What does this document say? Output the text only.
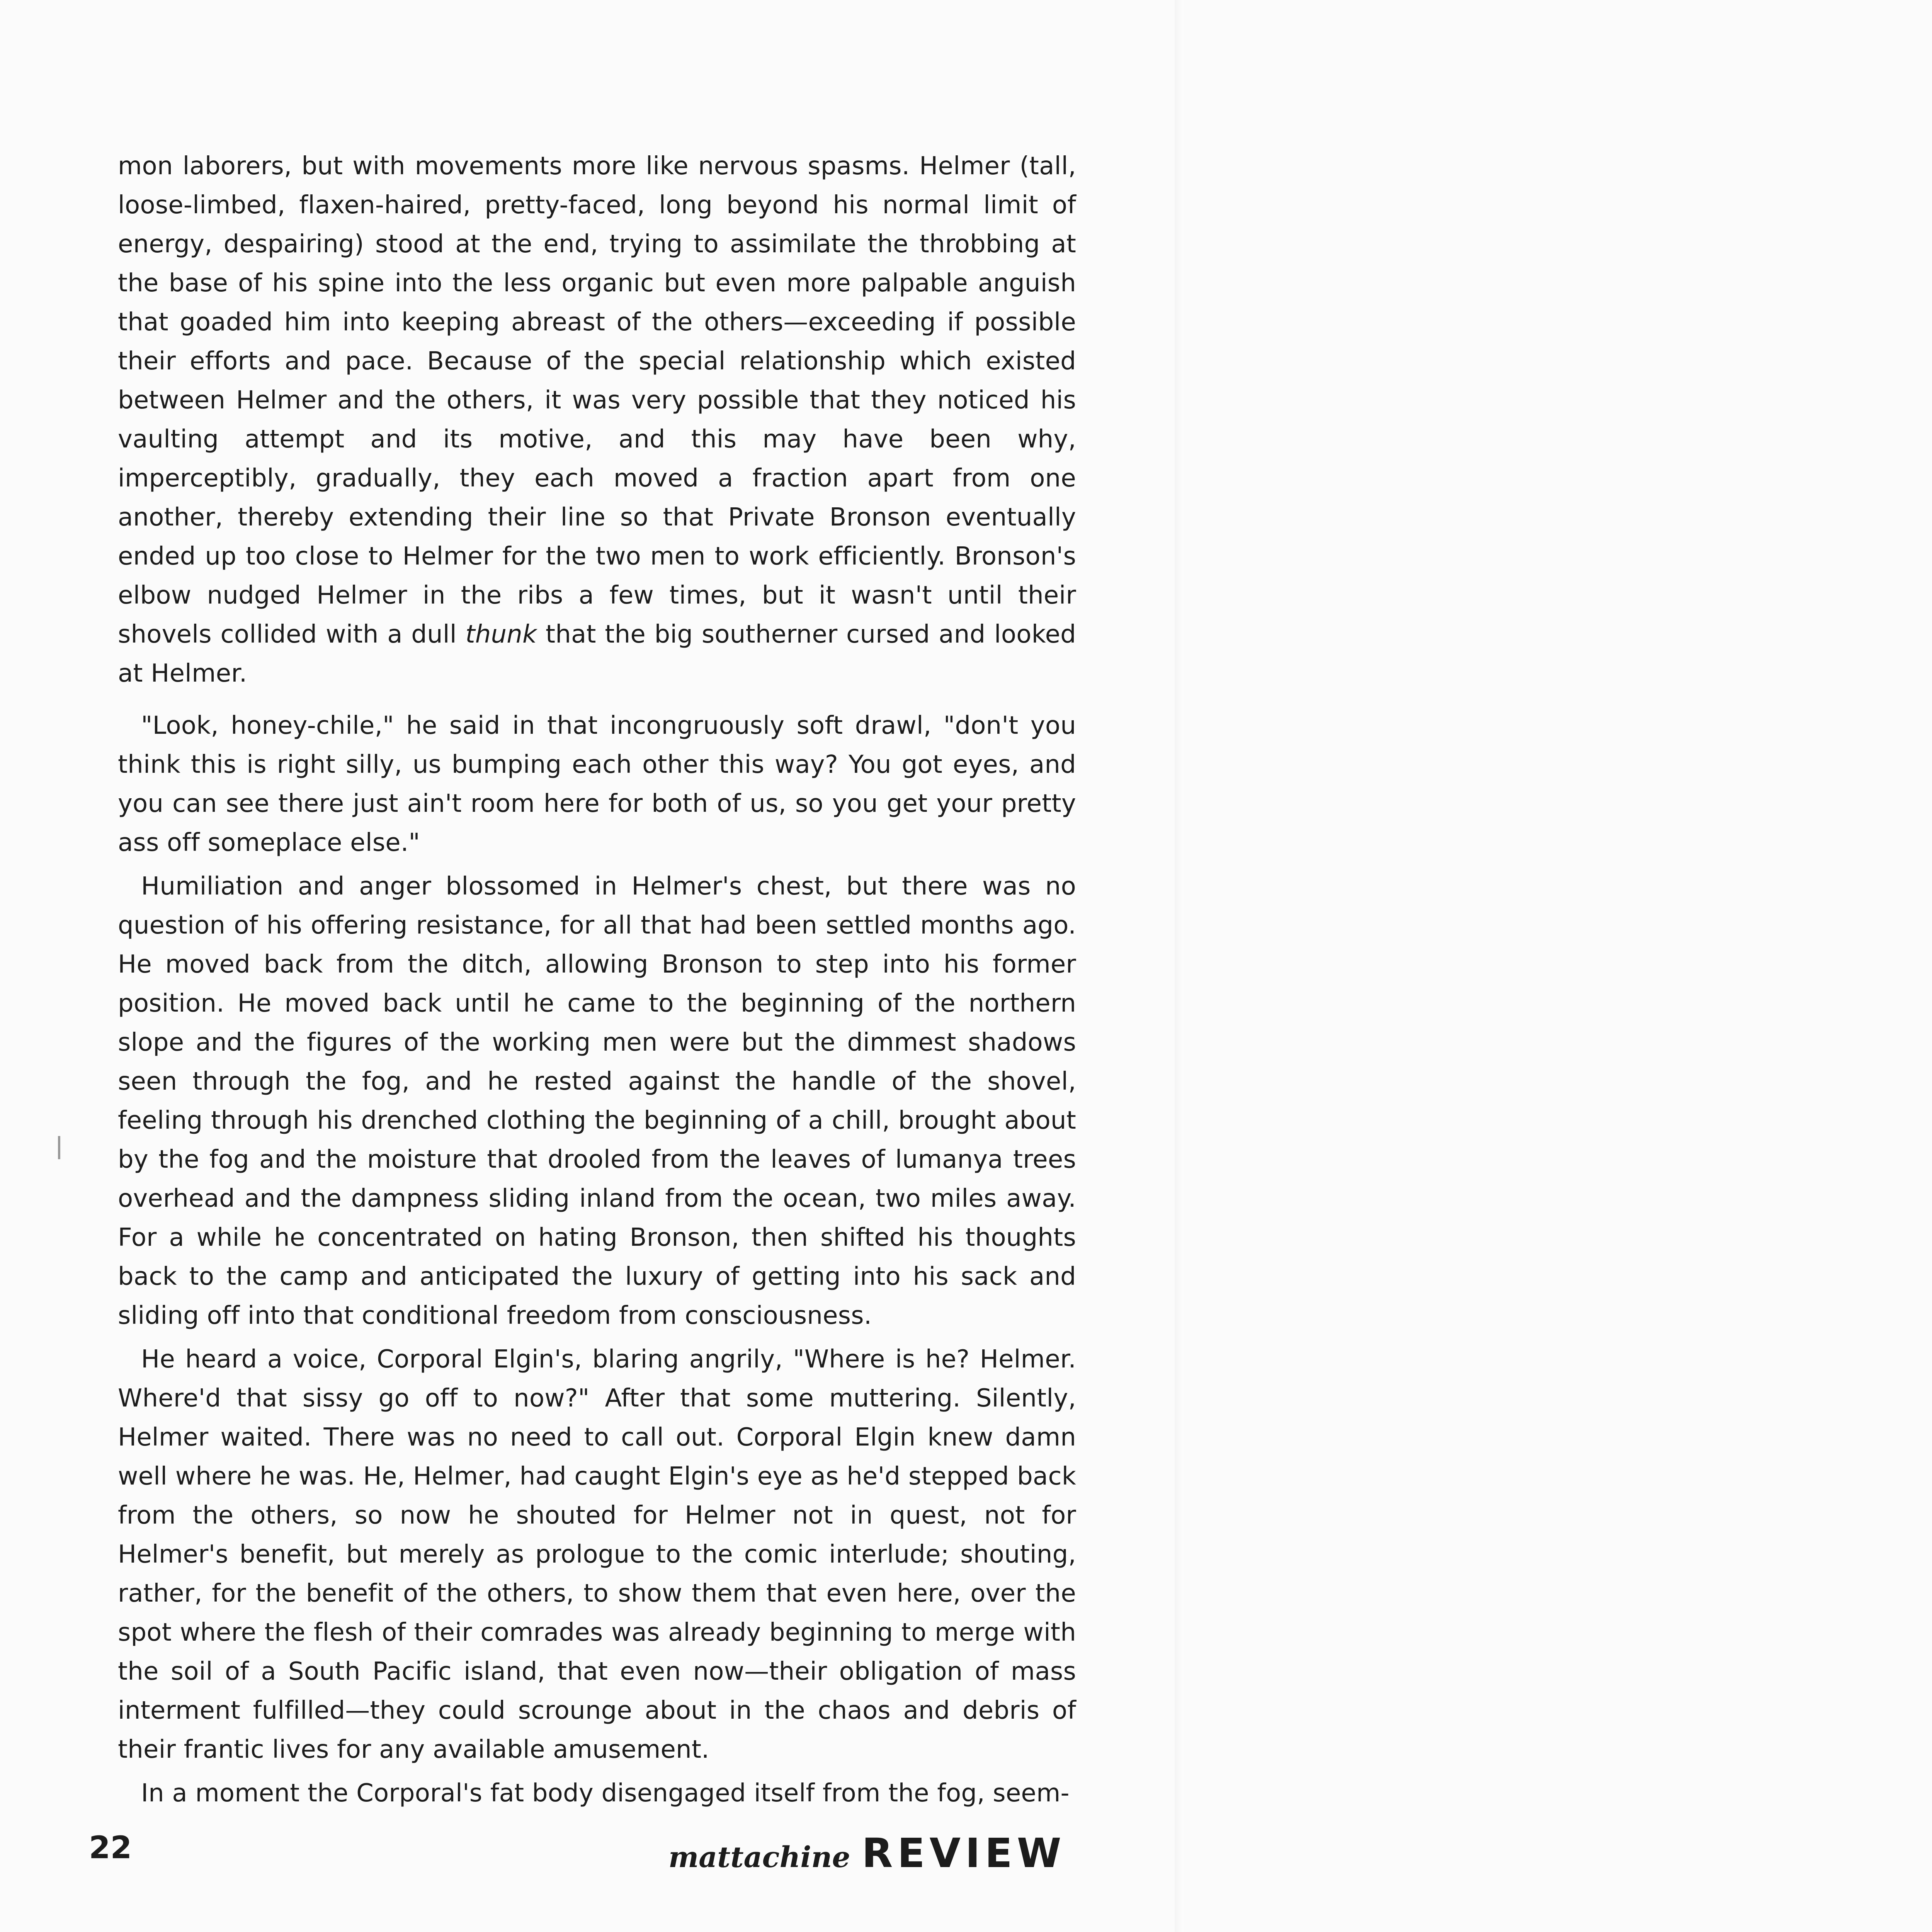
mon laborers, but with movements more like nervous spasms. Helmer (tall, loose-limbed, flaxen-haired, pretty-faced, long beyond his normal limit of energy, despairing) stood at the end, trying to assimilate the throbbing at the base of his spine into the less organic but even more palpable anguish that goaded him into keeping abreast of the others—exceeding if possible their efforts and pace. Because of the special relationship which existed between Helmer and the others, it was very possible that they noticed his vaulting attempt and its motive, and this may have been why, imperceptibly, gradually, they each moved a fraction apart from one another, thereby extending their line so that Private Bronson eventually ended up too close to Helmer for the two men to work efficiently. Bronson's elbow nudged Helmer in the ribs a few times, but it wasn't until their shovels collided with a dull thunk that the big southerner cursed and looked at Helmer.

"Look, honey-chile," he said in that incongruously soft drawl, "don't you think this is right silly, us bumping each other this way? You got eyes, and you can see there just ain't room here for both of us, so you get your pretty ass off someplace else."

Humiliation and anger blossomed in Helmer's chest, but there was no question of his offering resistance, for all that had been settled months ago. He moved back from the ditch, allowing Bronson to step into his former position. He moved back until he came to the beginning of the northern slope and the figures of the working men were but the dimmest shadows seen through the fog, and he rested against the handle of the shovel, feeling through his drenched clothing the beginning of a chill, brought about by the fog and the moisture that drooled from the leaves of lumanya trees overhead and the dampness sliding inland from the ocean, two miles away. For a while he concentrated on hating Bronson, then shifted his thoughts back to the camp and anticipated the luxury of getting into his sack and sliding off into that conditional freedom from consciousness.

He heard a voice, Corporal Elgin's, blaring angrily, "Where is he? Helmer. Where'd that sissy go off to now?" After that some muttering. Silently, Helmer waited. There was no need to call out. Corporal Elgin knew damn well where he was. He, Helmer, had caught Elgin's eye as he'd stepped back from the others, so now he shouted for Helmer not in quest, not for Helmer's benefit, but merely as prologue to the comic interlude; shouting, rather, for the benefit of the others, to show them that even here, over the spot where the flesh of their comrades was already beginning to merge with the soil of a South Pacific island, that even now—their obligation of mass interment fulfilled—they could scrounge about in the chaos and debris of their frantic lives for any available amusement.

In a moment the Corporal's fat body disengaged itself from the fog, seem-

22	mattachine REVIEW
